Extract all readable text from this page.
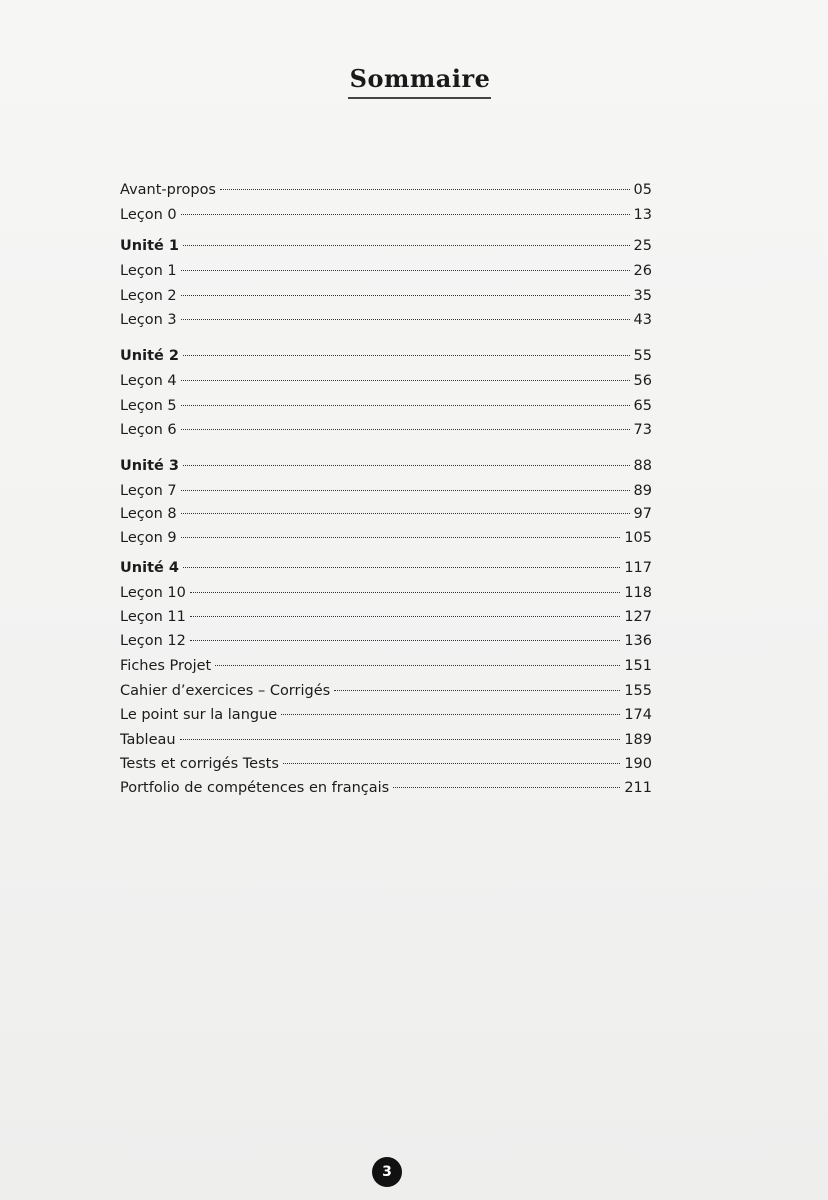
Sommaire
Avant-propos	05
Leçon 0	13
Unité 1	25
Leçon 1	26
Leçon 2	35
Leçon 3	43
Unité 2	55
Leçon 4	56
Leçon 5	65
Leçon 6	73
Unité 3	88
Leçon 7	89
Leçon 8	97
Leçon 9	105
Unité 4	117
Leçon 10	118
Leçon 11	127
Leçon 12	136
Fiches Projet	151
Cahier d’exercices – Corrigés	155
Le point sur la langue	174
Tableau	189
Tests et corrigés Tests	190
Portfolio de compétences en français	211
3
